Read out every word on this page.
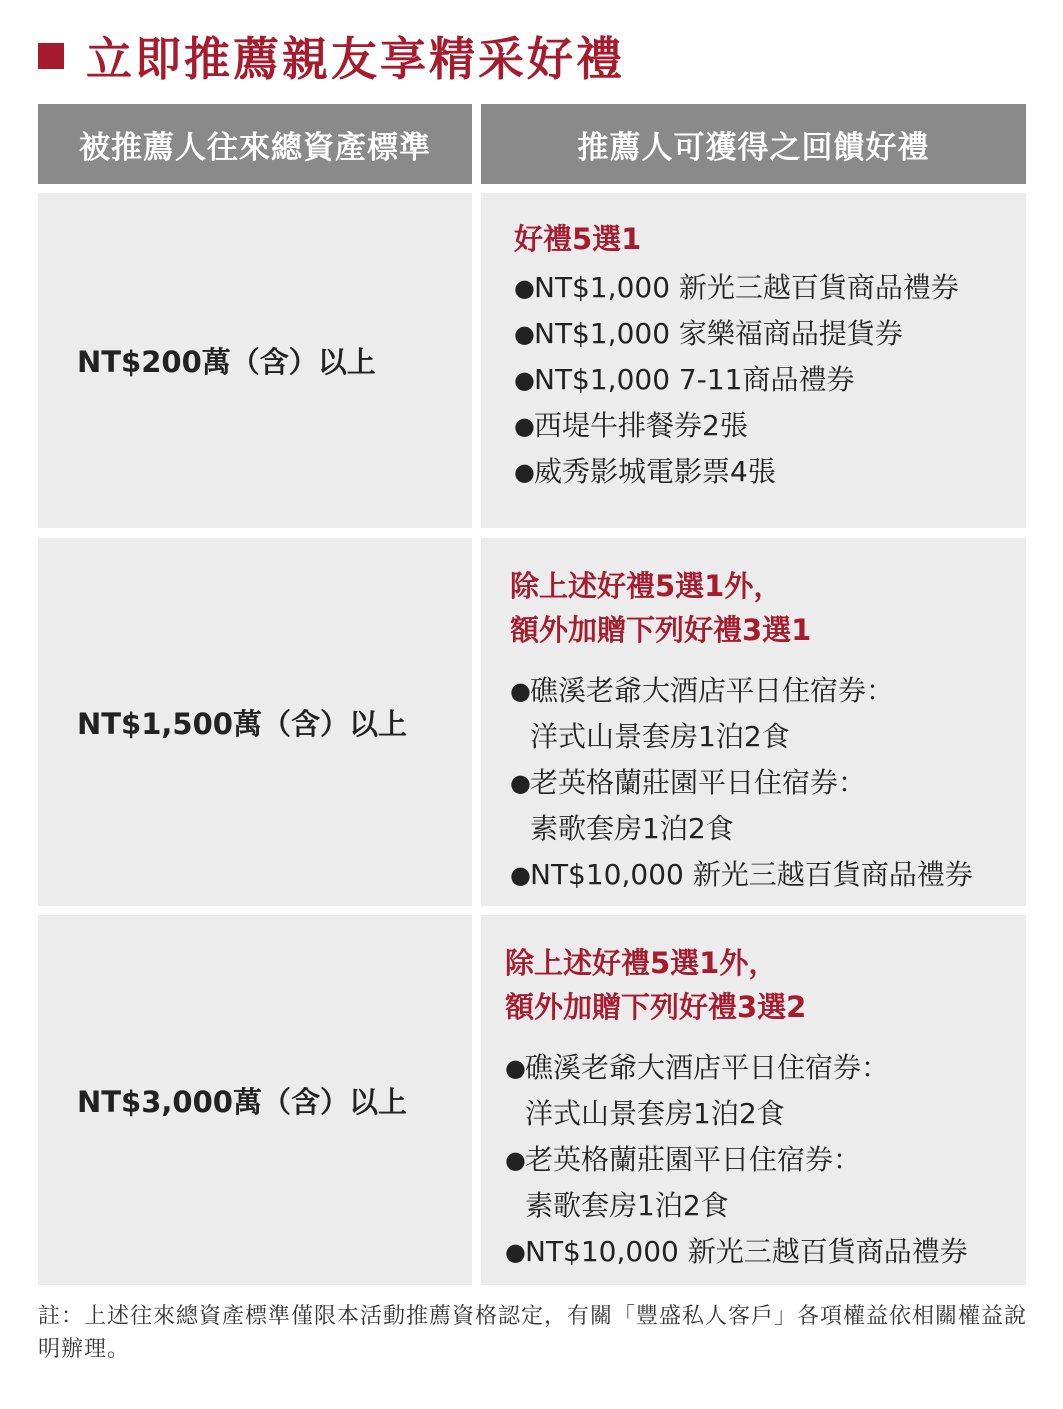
立即推薦親友享精采好禮
被推薦人往來總資產標準	推薦人可獲得之回饋好禮
NT$200萬（含）以上
好禮5選1
● NT$1,000 新光三越百貨商品禮券
● NT$1,000 家樂福商品提貨券
● NT$1,000 7-11商品禮券
● 西堤牛排餐券2張
● 威秀影城電影票4張
NT$1,500萬（含）以上
除上述好禮5選1外，
額外加贈下列好禮3選1
● 礁溪老爺大酒店平日住宿券：
洋式山景套房1泊2食
● 老英格蘭莊園平日住宿券：
素歌套房1泊2食
● NT$10,000 新光三越百貨商品禮券
NT$3,000萬（含）以上
除上述好禮5選1外，
額外加贈下列好禮3選2
● 礁溪老爺大酒店平日住宿券：
洋式山景套房1泊2食
● 老英格蘭莊園平日住宿券：
素歌套房1泊2食
● NT$10,000 新光三越百貨商品禮券
註：上述往來總資產標準僅限本活動推薦資格認定，有關「豐盛私人客戶」各項權益依相關權益說明辦理。
